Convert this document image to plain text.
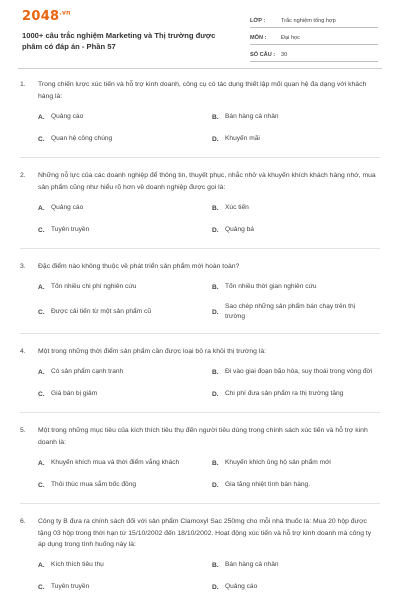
$2048^{.vn}$
1000+ câu trắc nghiệm Marketing và Thị trường được phâm có đáp án - Phần 57
LỚP :	Trắc nghiệm tổng hợp
MÔN :	Đại học
SỐ CÂU :	30
1.	Trong chiến lược xúc tiến và hỗ trợ kinh doanh, công cụ có tác dụng thiết lập mối quan hệ đa dạng với khách hàng là:
A. Quảng cáo	B. Bán hàng cá nhân
C. Quan hệ công chúng	D. Khuyến mãi
2.	Những nỗ lực của các doanh nghiệp để thông tin, thuyết phục, nhắc nhở và khuyến khích khách hàng nhớ, mua sản phẩm cũng như hiểu rõ hơn về doanh nghiệp được gọi là:
A. Quảng cáo	B. Xúc tiến
C. Tuyên truyền	D. Quảng bá
3.	Đặc điểm nào không thuộc về phát triển sản phẩm mới hoàn toàn?
A. Tốn nhiều chi phí nghiên cứu	B. Tốn nhiều thời gian nghiên cứu
C. Được cải tiến từ một sản phẩm cũ	D.
Sao chép những sản phẩm bán chạy trên thị trường
4.	Một trong những thời điểm sản phẩm cần được loại bỏ ra khỏi thị trường là:
A. Có sản phẩm cạnh tranh	B. Đi vào giai đoạn bão hòa, suy thoái trong vòng đời
C. Giá bán bị giảm	D. Chi phí đưa sản phẩm ra thị trường tăng
5.	Một trong những mục tiêu của kích thích tiêu thụ đến người tiêu dùng trong chính sách xúc tiến và hỗ trợ kinh doanh là:
A. Khuyến khích mua và thời điểm vắng khách	B. Khuyến khích ủng hộ sản phẩm mới
C. Thôi thúc mua sắm bốc đồng	D. Gia tăng nhiệt tình bán hàng.
6.	Công ty B đưa ra chính sách đối với sản phẩm Clamoxyl Sac 250mg cho mỗi nhà thuốc là: Mua 20 hộp được tặng 03 hộp trong thời hạn từ 15/10/2002 đến 18/10/2002. Hoạt động xúc tiến và hỗ trợ kinh doanh mà công ty áp dụng trong tình huống này là:
A. Kích thích tiêu thụ	B. Bán hàng cá nhân
C. Tuyên truyền	D. Quảng cáo
